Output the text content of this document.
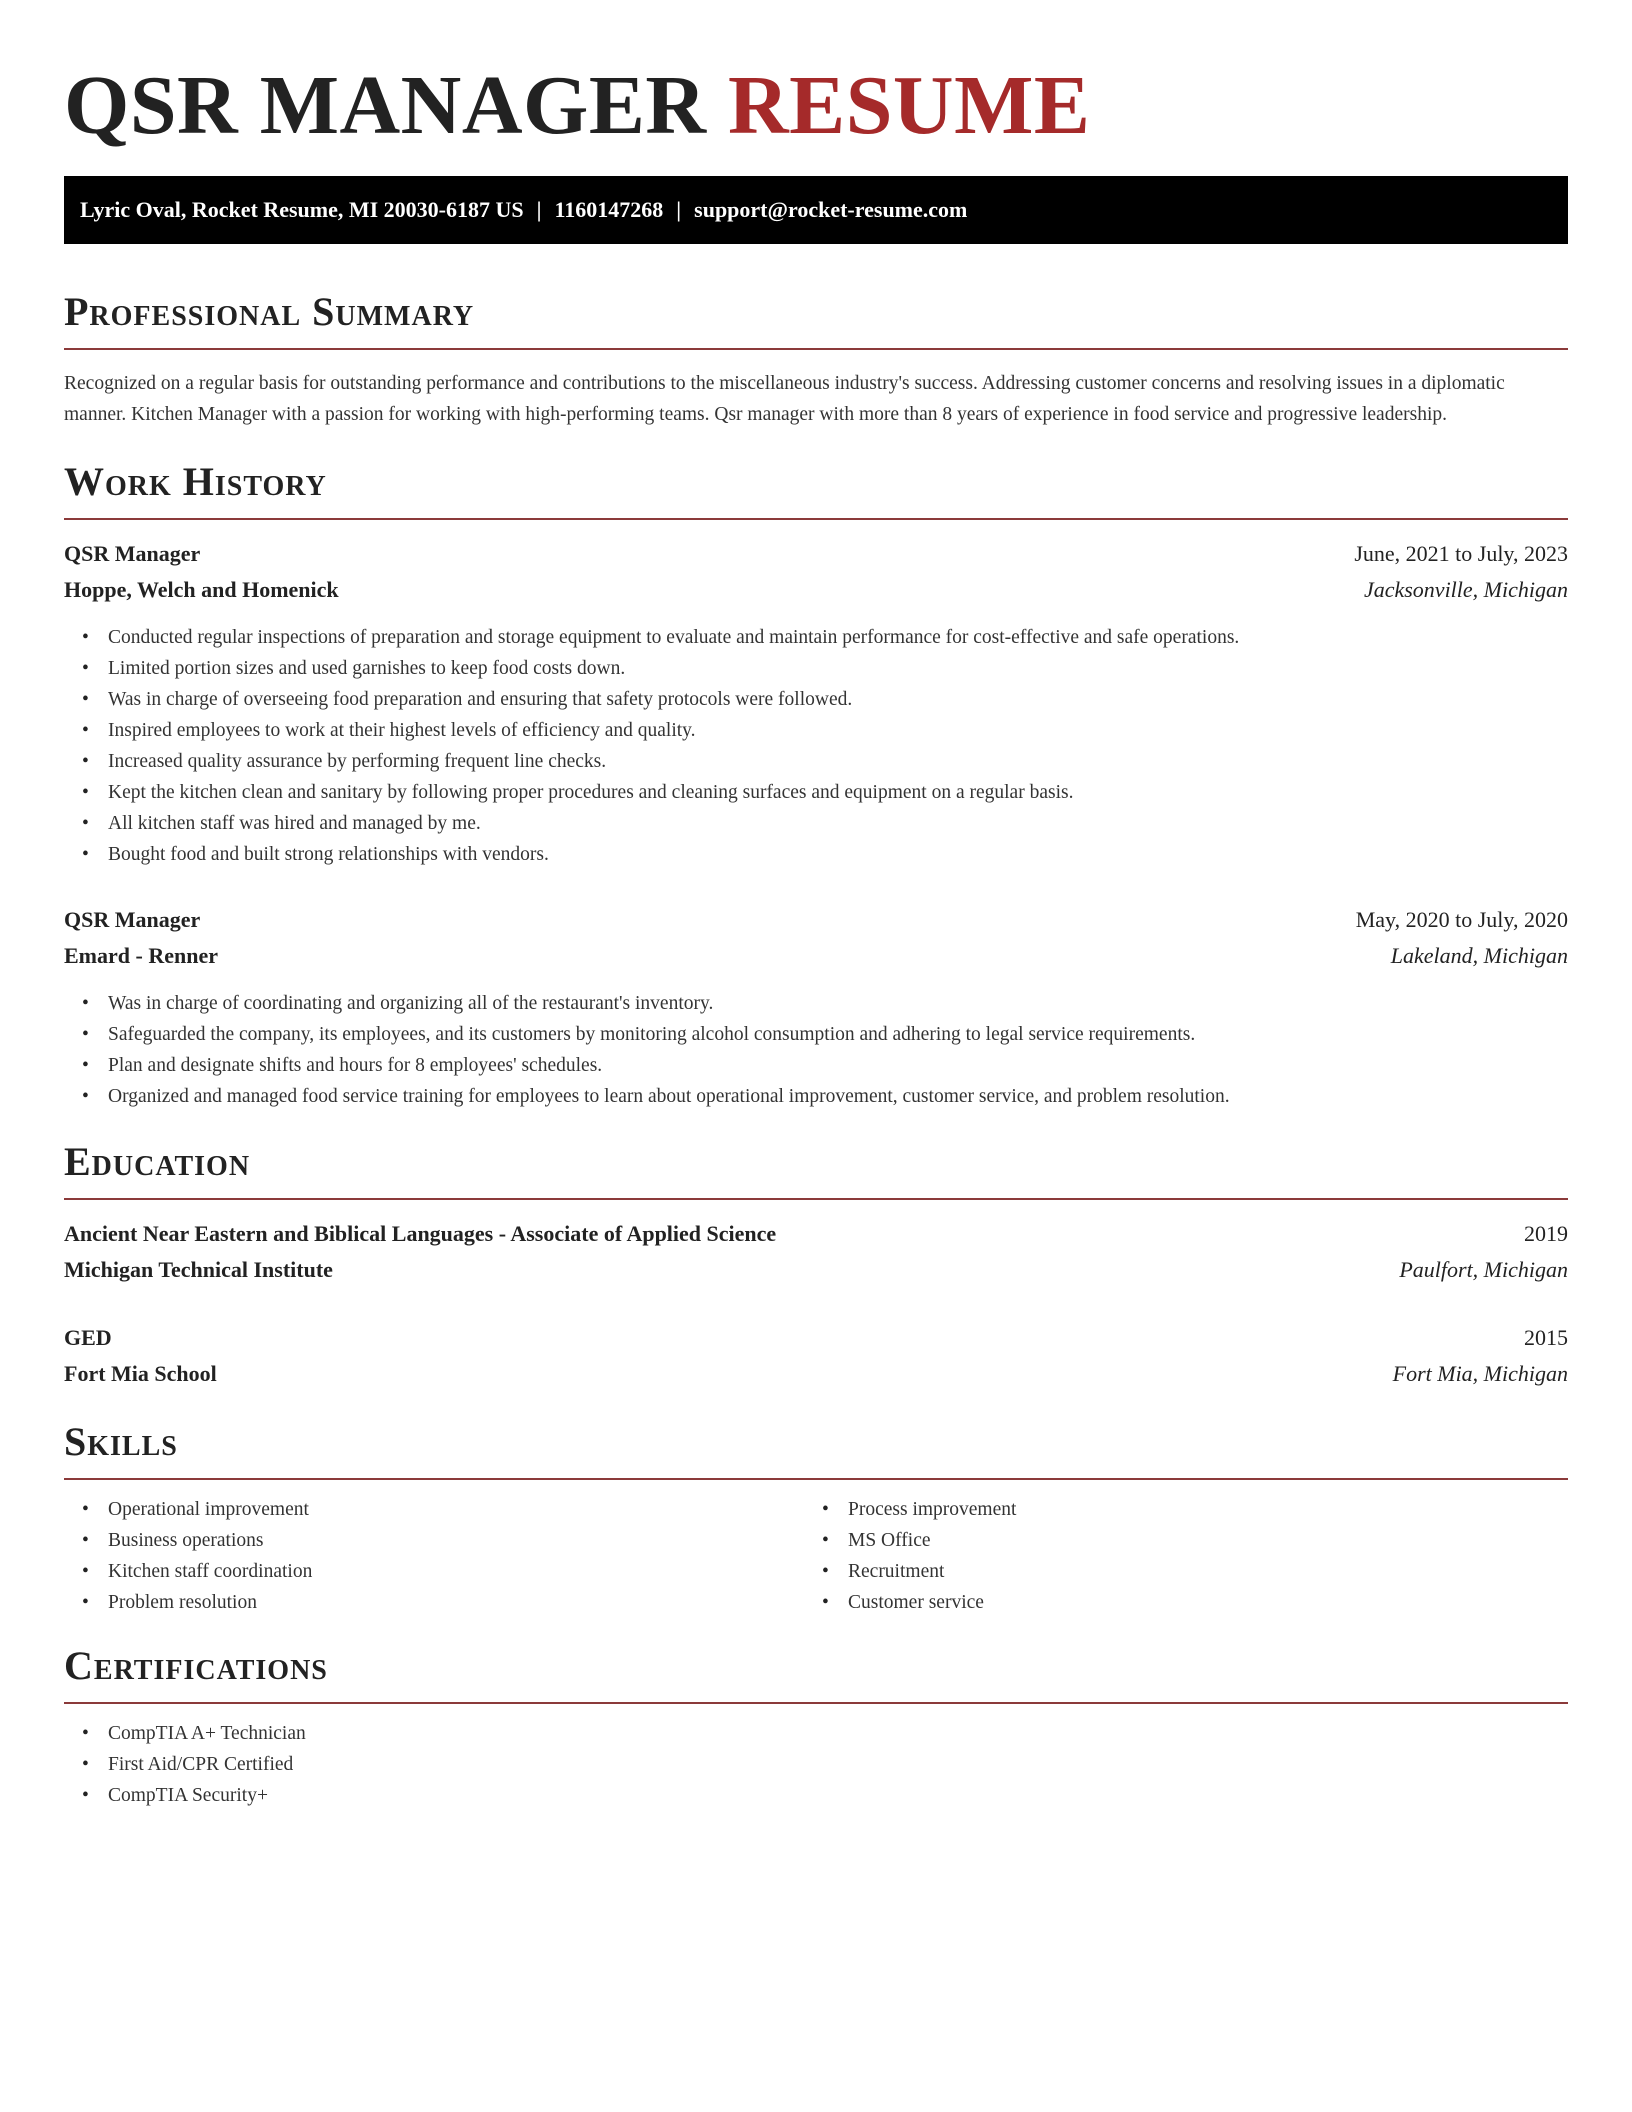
QSR MANAGER RESUME
Lyric Oval, Rocket Resume, MI 20030-6187 US | 1160147268 | support@rocket-resume.com
Professional Summary

Recognized on a regular basis for outstanding performance and contributions to the miscellaneous industry's success. Addressing customer concerns and resolving issues in a diplomatic manner. Kitchen Manager with a passion for working with high-performing teams. Qsr manager with more than 8 years of experience in food service and progressive leadership.

Work History
QSR Manager	June, 2021 to July, 2023
Hoppe, Welch and Homenick	Jacksonville, Michigan
• Conducted regular inspections of preparation and storage equipment to evaluate and maintain performance for cost-effective and safe operations.
• Limited portion sizes and used garnishes to keep food costs down.
• Was in charge of overseeing food preparation and ensuring that safety protocols were followed.
• Inspired employees to work at their highest levels of efficiency and quality.
• Increased quality assurance by performing frequent line checks.
• Kept the kitchen clean and sanitary by following proper procedures and cleaning surfaces and equipment on a regular basis.
• All kitchen staff was hired and managed by me.
• Bought food and built strong relationships with vendors.
QSR Manager	May, 2020 to July, 2020
Emard - Renner	Lakeland, Michigan
• Was in charge of coordinating and organizing all of the restaurant's inventory.
• Safeguarded the company, its employees, and its customers by monitoring alcohol consumption and adhering to legal service requirements.
• Plan and designate shifts and hours for 8 employees' schedules.
• Organized and managed food service training for employees to learn about operational improvement, customer service, and problem resolution.
Education
Ancient Near Eastern and Biblical Languages - Associate of Applied Science	2019
Michigan Technical Institute	Paulfort, Michigan
GED	2015
Fort Mia School	Fort Mia, Michigan
Skills
• Operational improvement
• Business operations
• Kitchen staff coordination
• Problem resolution
• Process improvement
• MS Office
• Recruitment
• Customer service
Certifications
• CompTIA A+ Technician
• First Aid/CPR Certified
• CompTIA Security+
